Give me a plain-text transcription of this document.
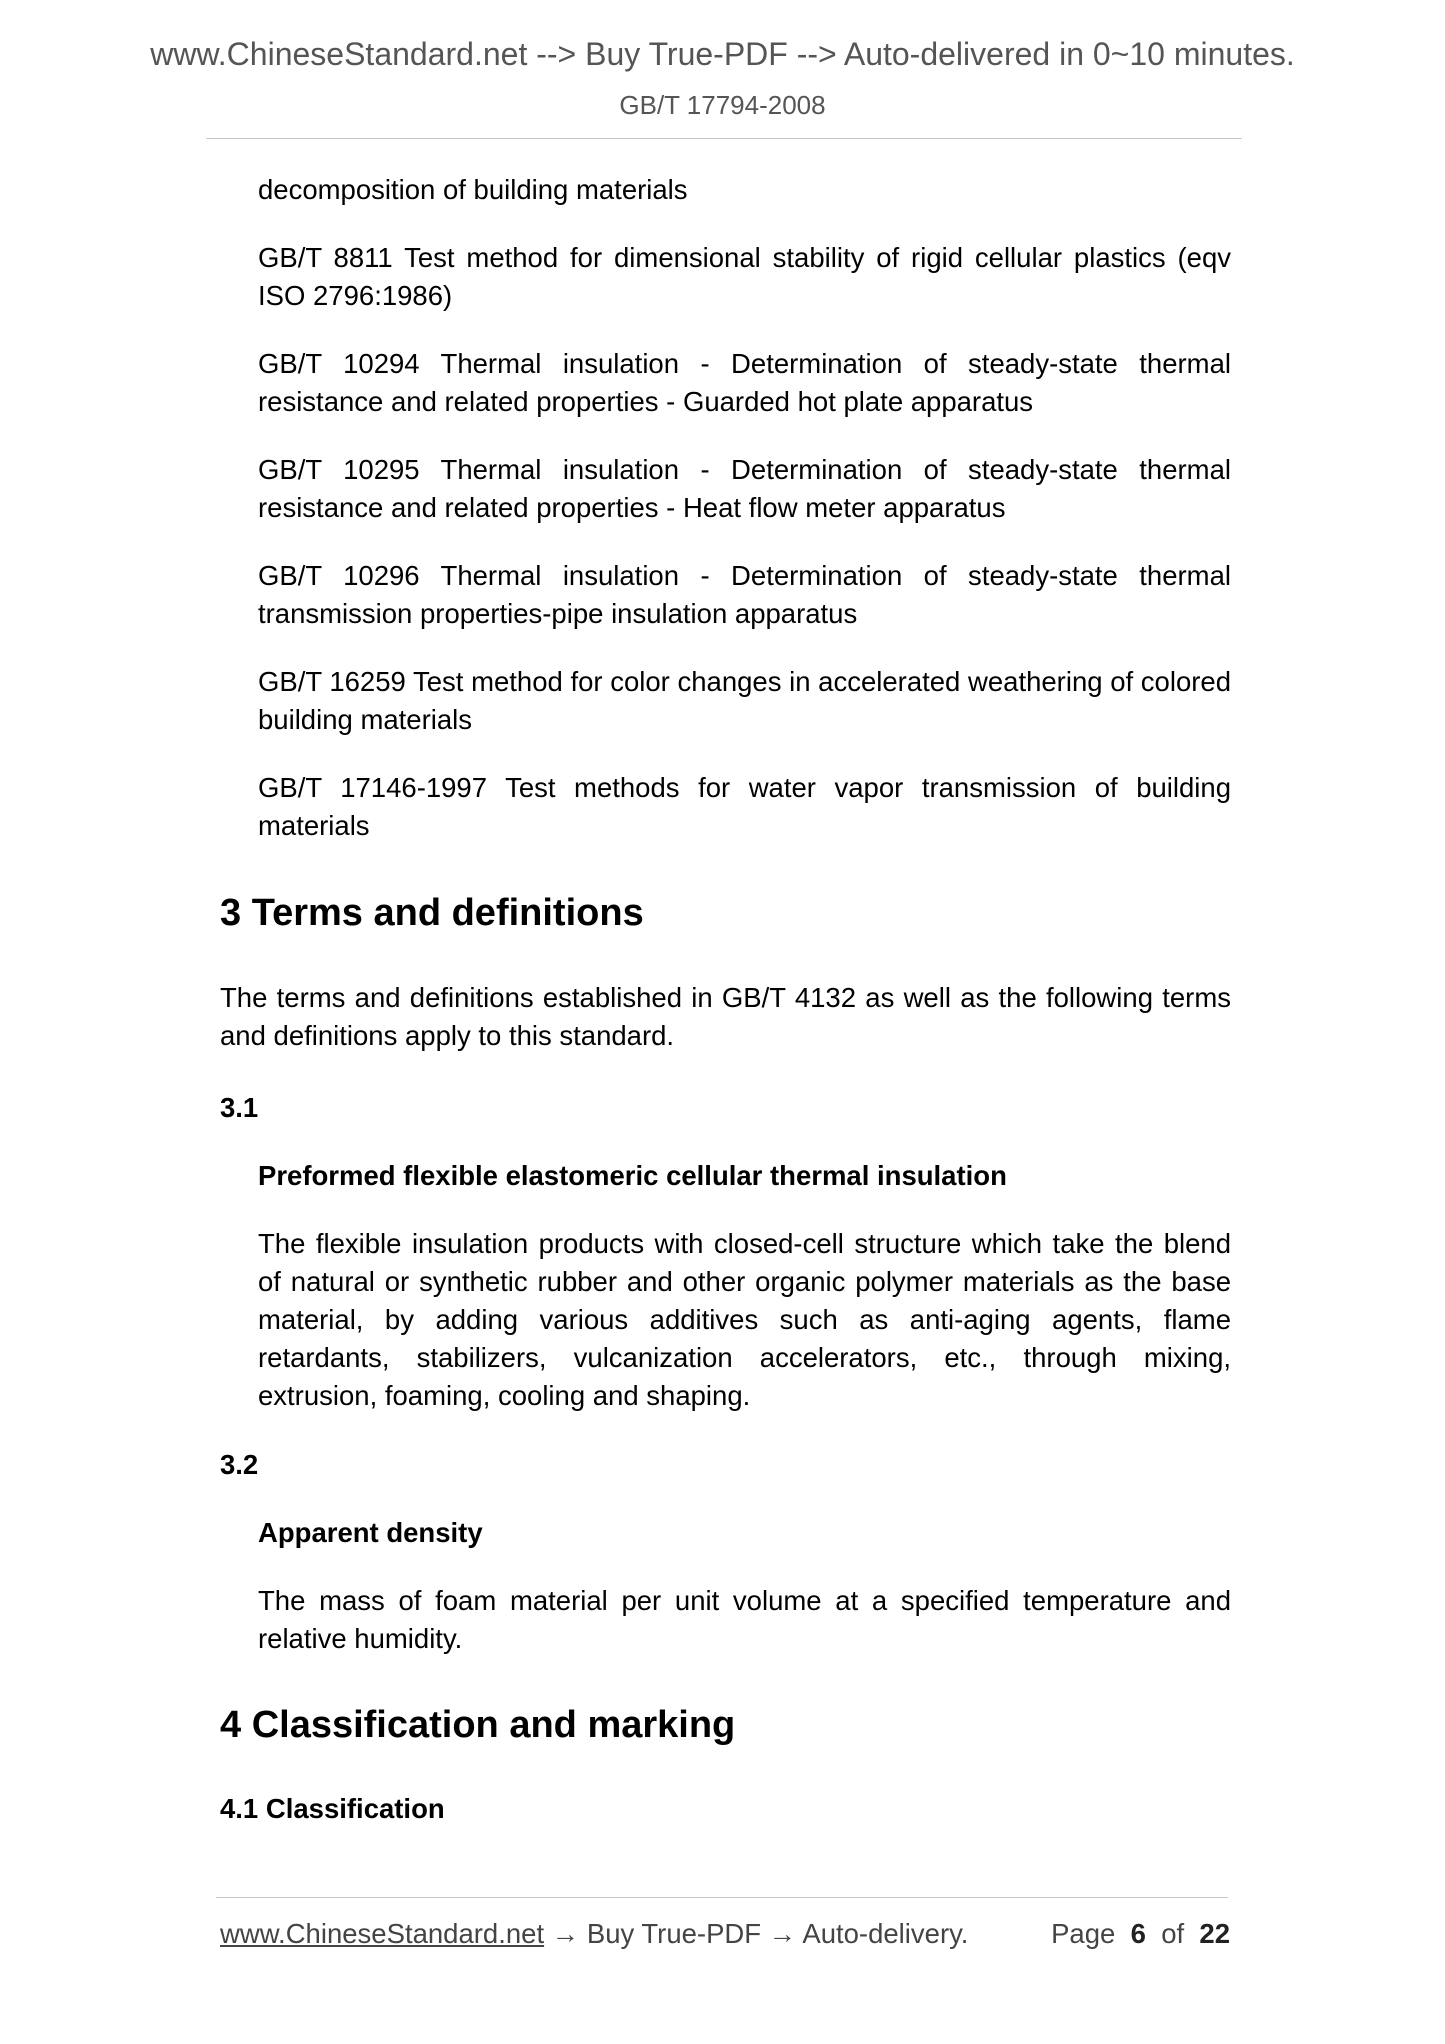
www.ChineseStandard.net --> Buy True-PDF --> Auto-delivered in 0~10 minutes.
GB/T 17794-2008

decomposition of building materials

GB/T 8811 Test method for dimensional stability of rigid cellular plastics (eqv ISO 2796:1986)

GB/T 10294 Thermal insulation - Determination of steady-state thermal resistance and related properties - Guarded hot plate apparatus

GB/T 10295 Thermal insulation - Determination of steady-state thermal resistance and related properties - Heat flow meter apparatus

GB/T 10296 Thermal insulation - Determination of steady-state thermal transmission properties-pipe insulation apparatus

GB/T 16259 Test method for color changes in accelerated weathering of colored building materials

GB/T 17146-1997 Test methods for water vapor transmission of building materials

3 Terms and definitions

The terms and definitions established in GB/T 4132 as well as the following terms and definitions apply to this standard.

3.1
Preformed flexible elastomeric cellular thermal insulation

The flexible insulation products with closed-cell structure which take the blend of natural or synthetic rubber and other organic polymer materials as the base material, by adding various additives such as anti-aging agents, flame retardants, stabilizers, vulcanization accelerators, etc., through mixing, extrusion, foaming, cooling and shaping.

3.2
Apparent density

The mass of foam material per unit volume at a specified temperature and relative humidity.

4 Classification and marking
4.1 Classification
www.ChineseStandard.net → Buy True-PDF → Auto-delivery.	Page 6 of 22
